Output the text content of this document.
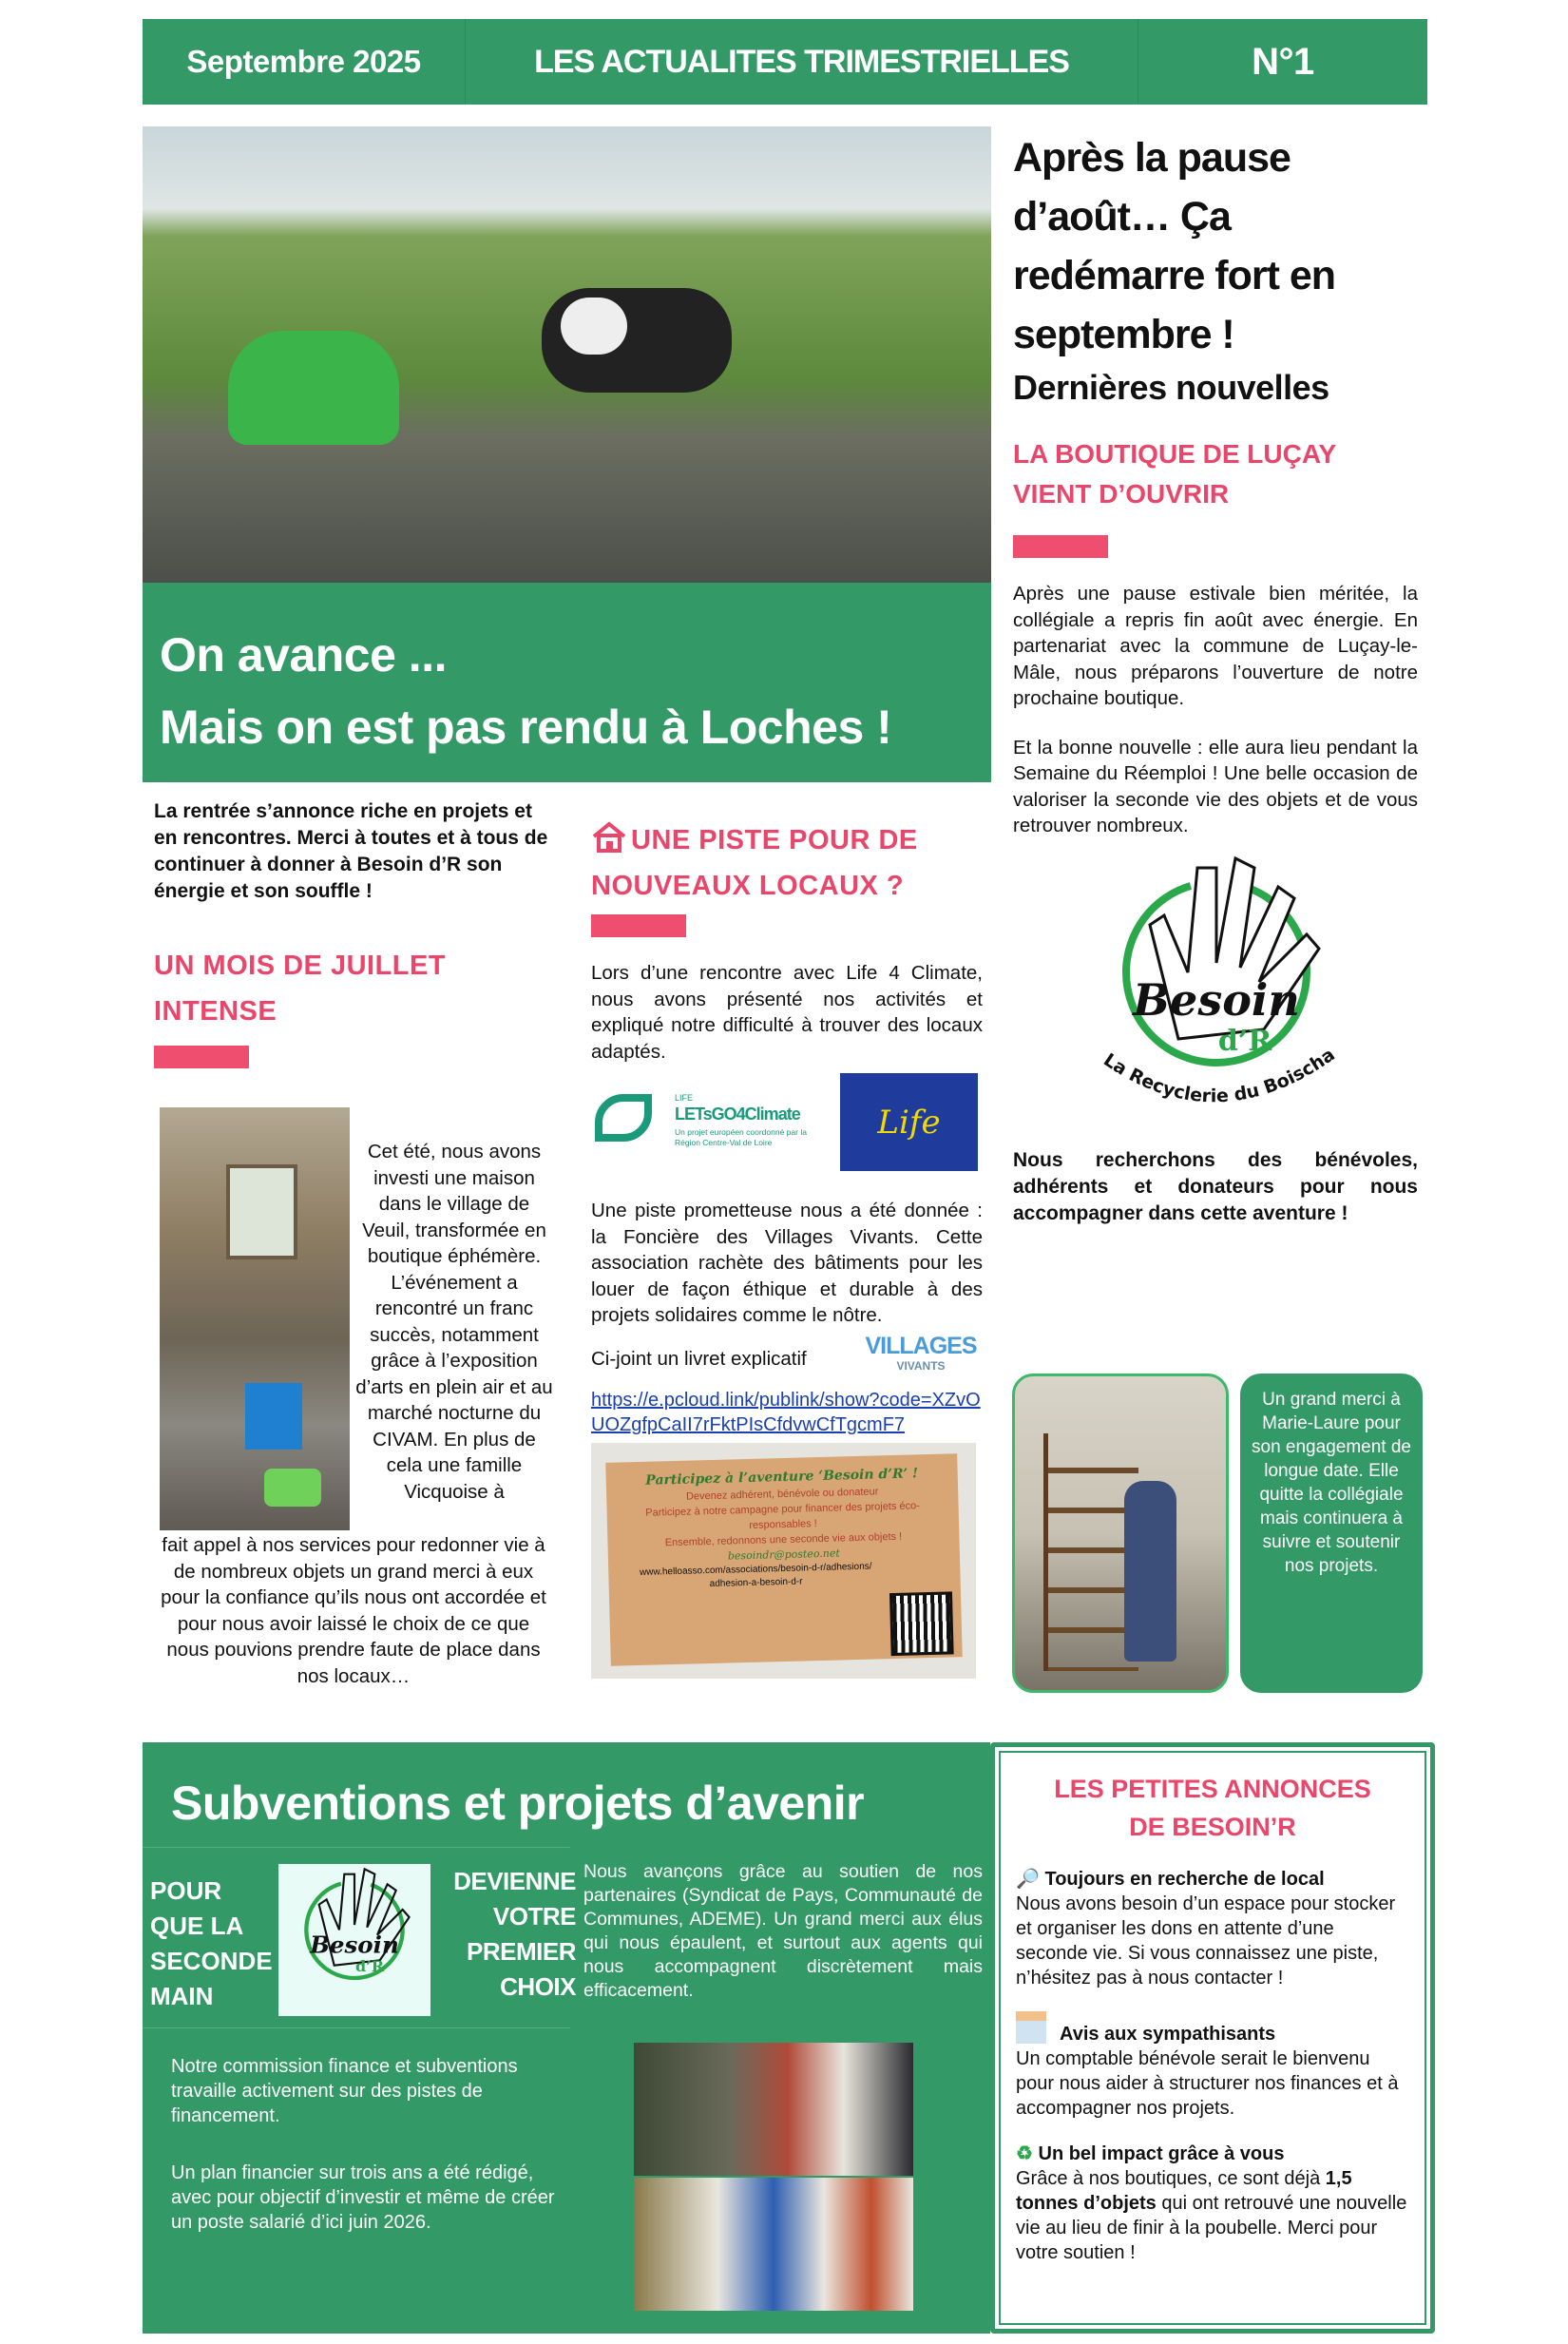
Septembre 2025	LES ACTUALITES TRIMESTRIELLES	N°1
On avance ...
Mais on est pas rendu à Loches !
La rentrée s’annonce riche en projets et en rencontres. Merci à toutes et à tous de continuer à donner à Besoin d’R son énergie et son souffle !
UN MOIS DE JUILLET INTENSE
Cet été, nous avons investi une maison dans le village de Veuil, transformée en boutique éphémère. L’événement a rencontré un franc succès, notamment grâce à l’exposition d’arts en plein air et au marché nocturne du CIVAM. En plus de cela une famille Vicquoise à
fait appel à nos services pour redonner vie à de nombreux objets un grand merci à eux pour la confiance qu’ils nous ont accordée et pour nous avoir laissé le choix de ce que nous pouvions prendre faute de place dans nos locaux…
UNE PISTE POUR DE NOUVEAUX LOCAUX ?
Lors d’une rencontre avec Life 4 Climate, nous avons présenté nos activités et expliqué notre difficulté à trouver des locaux adaptés.
LIFE
LETsGO4Climate
Un projet européen coordonné par la Région Centre-Val de Loire
Life
Une piste prometteuse nous a été donnée : la Foncière des Villages Vivants. Cette association rachète des bâtiments pour les louer de façon éthique et durable à des projets solidaires comme le nôtre.
Ci-joint un livret explicatif VILLAGES
VIVANTS
https://e.pcloud.link/publink/show?code=XZvOUOZgfpCaII7rFktPIsCfdvwCfTgcmF7
Participez à l’aventure ‘Besoin d’R’ !
Devenez adhérent, bénévole ou donateur
Participez à notre campagne pour financer des projets éco-responsables !
Ensemble, redonnons une seconde vie aux objets !
besoindr@posteo.net
www.helloasso.com/associations/besoin-d-r/adhesions/adhesion-a-besoin-d-r
Après la pause d’août… Ça redémarre fort en septembre !
Dernières nouvelles
LA BOUTIQUE DE LUÇAY VIENT D’OUVRIR
Après une pause estivale bien méritée, la collégiale a repris fin août avec énergie. En partenariat avec la commune de Luçay-le-Mâle, nous préparons l’ouverture de notre prochaine boutique.
Et la bonne nouvelle : elle aura lieu pendant la Semaine du Réemploi ! Une belle occasion de valoriser la seconde vie des objets et de vous retrouver nombreux.
Besoin
d’R
La Recyclerie du Boischa
Nous recherchons des bénévoles, adhérents et donateurs pour nous accompagner dans cette aventure !
Un grand merci à Marie-Laure pour son engagement de longue date. Elle quitte la collégiale mais continuera à suivre et soutenir nos projets.
Subventions et projets d’avenir
POUR QUE LA SECONDE MAIN
Besoin
d’R
DEVIENNE VOTRE PREMIER CHOIX
Nous avançons grâce au soutien de nos partenaires (Syndicat de Pays, Communauté de Communes, ADEME). Un grand merci aux élus qui nous épaulent, et surtout aux agents qui nous accompagnent discrètement mais efficacement.
Notre commission finance et subventions travaille activement sur des pistes de financement.
Un plan financier sur trois ans a été rédigé, avec pour objectif d’investir et même de créer un poste salarié d’ici juin 2026.
LES PETITES ANNONCES DE BESOIN’R
🔎 Toujours en recherche de local
Nous avons besoin d’un espace pour stocker et organiser les dons en attente d’une seconde vie. Si vous connaissez une piste, n’hésitez pas à nous contacter !
Avis aux sympathisants
Un comptable bénévole serait le bienvenu pour nous aider à structurer nos finances et à accompagner nos projets.
♻ Un bel impact grâce à vous
Grâce à nos boutiques, ce sont déjà 1,5 tonnes d’objets qui ont retrouvé une nouvelle vie au lieu de finir à la poubelle. Merci pour votre soutien !
